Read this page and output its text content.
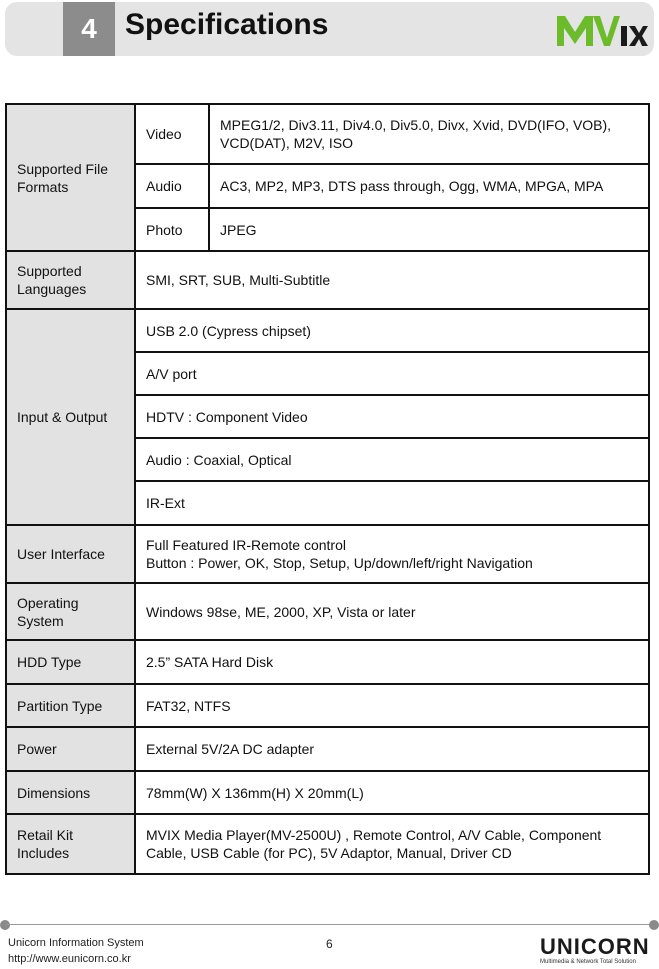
4 Specifications
Supported File Formats	Video	MPEG1/2, Div3.11, Div4.0, Div5.0, Divx, Xvid, DVD(IFO, VOB), VCD(DAT), M2V, ISO
	Audio	AC3, MP2, MP3, DTS pass through, Ogg, WMA, MPGA, MPA
	Photo	JPEG
Supported Languages	SMI, SRT, SUB, Multi-Subtitle	
Input & Output	USB 2.0 (Cypress chipset)	
	A/V port	
	HDTV : Component Video	
	Audio : Coaxial, Optical	
	IR-Ext	
User Interface	Full Featured IR-Remote control
Button : Power, OK, Stop, Setup, Up/down/left/right Navigation	
Operating System	Windows 98se, ME, 2000, XP, Vista or later	
HDD Type	2.5” SATA Hard Disk	
Partition Type	FAT32, NTFS	
Power	External 5V/2A DC adapter	
Dimensions	78mm(W) X 136mm(H) X 20mm(L)	
Retail Kit Includes	MVIX Media Player(MV-2500U) , Remote Control, A/V Cable, Component Cable, USB Cable (for PC), 5V Adaptor, Manual, Driver CD	
Unicorn Information System
http://www.eunicorn.co.kr
6	UNICORN
Multimedia & Network Total Solution
